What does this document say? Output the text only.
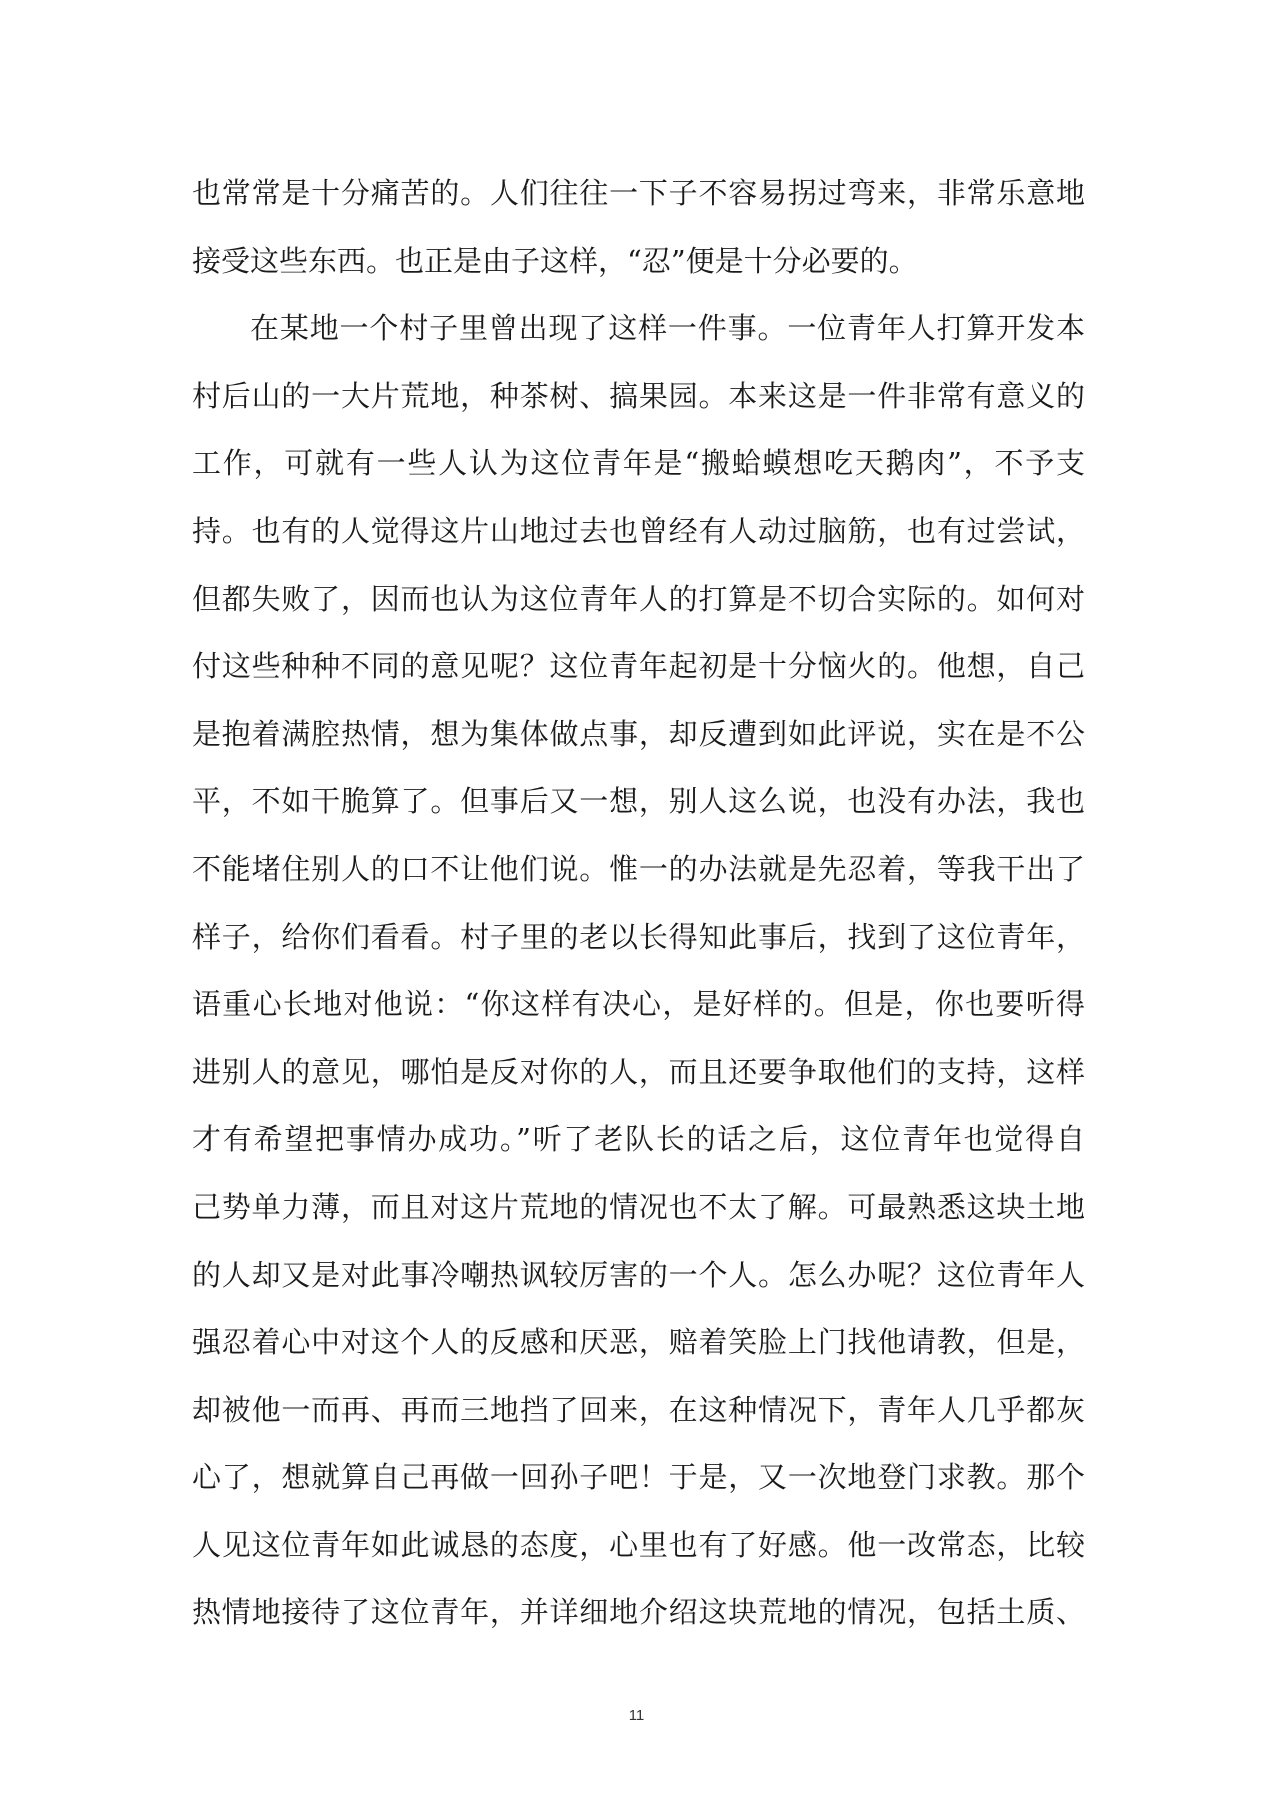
也常常是十分痛苦的。人们往往一下子不容易拐过弯来，非常乐意地
接受这些东西。也正是由子这样，“忍”便是十分必要的。
在某地一个村子里曾出现了这样一件事。一位青年人打算开发本
村后山的一大片荒地，种茶树、搞果园。本来这是一件非常有意义的
工作，可就有一些人认为这位青年是“搬蛤蟆想吃天鹅肉”，不予支
持。也有的人觉得这片山地过去也曾经有人动过脑筋，也有过尝试，
但都失败了，因而也认为这位青年人的打算是不切合实际的。如何对
付这些种种不同的意见呢？这位青年起初是十分恼火的。他想，自己
是抱着满腔热情，想为集体做点事，却反遭到如此评说，实在是不公
平，不如干脆算了。但事后又一想，别人这么说，也没有办法，我也
不能堵住别人的口不让他们说。惟一的办法就是先忍着，等我干出了
样子，给你们看看。村子里的老以长得知此事后，找到了这位青年，
语重心长地对他说：“你这样有决心，是好样的。但是，你也要听得
进别人的意见，哪怕是反对你的人，而且还要争取他们的支持，这样
才有希望把事情办成功。”听了老队长的话之后，这位青年也觉得自
己势单力薄，而且对这片荒地的情况也不太了解。可最熟悉这块土地
的人却又是对此事冷嘲热讽较厉害的一个人。怎么办呢？这位青年人
强忍着心中对这个人的反感和厌恶，赔着笑脸上门找他请教，但是，
却被他一而再、再而三地挡了回来，在这种情况下，青年人几乎都灰
心了，想就算自己再做一回孙子吧！于是，又一次地登门求教。那个
人见这位青年如此诚恳的态度，心里也有了好感。他一改常态，比较
热情地接待了这位青年，并详细地介绍这块荒地的情况，包括土质、
11
